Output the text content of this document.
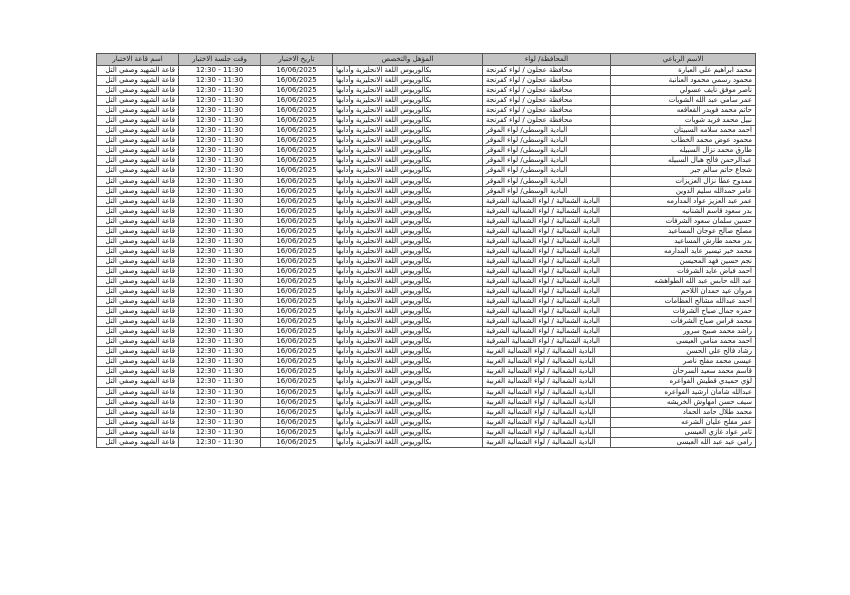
الاسم الرباعي	المحافظة/ لواء	المؤهل والتخصص	تاريخ الاختبار	وقت جلسة الاختبار	اسم قاعة الاختبار
محمد ابراهيم علي العبارة	محافظة عجلون / لواء كفرنجة	بكالوريوس اللغة الانجليزية وآدابها	16/06/2025	11:30 - 12:30	قاعة الشهيد وصفي التل
محمود رسمي محمود العنانبة	محافظة عجلون / لواء كفرنجة	بكالوريوس اللغة الانجليزية وآدابها	16/06/2025	11:30 - 12:30	قاعة الشهيد وصفي التل
ناصر موفق نايف عسولي	محافظة عجلون / لواء كفرنجة	بكالوريوس اللغة الانجليزية وآدابها	16/06/2025	11:30 - 12:30	قاعة الشهيد وصفي التل
عمر سامي عبد الله الشويات	محافظة عجلون / لواء كفرنجة	بكالوريوس اللغة الانجليزية وآدابها	16/06/2025	11:30 - 12:30	قاعة الشهيد وصفي التل
حاتم محمد فويدر القعاقعه	محافظة عجلون / لواء كفرنجة	بكالوريوس اللغة الانجليزية وآدابها	16/06/2025	11:30 - 12:30	قاعة الشهيد وصفي التل
نبيل محمد فريد شويات	محافظة عجلون / لواء كفرنجة	بكالوريوس اللغة الانجليزية وآدابها	16/06/2025	11:30 - 12:30	قاعة الشهيد وصفي التل
احمد محمد سلامه السبيتان	البادية الوسطى/ لواء الموقر	بكالوريوس اللغة الانجليزية وآدابها	16/06/2025	11:30 - 12:30	قاعة الشهيد وصفي التل
محمود عوض محمد الخطاب	البادية الوسطى/ لواء الموقر	بكالوريوس اللغة الانجليزية وآدابها	16/06/2025	11:30 - 12:30	قاعة الشهيد وصفي التل
طارق محمد نزال السبيله	البادية الوسطى/ لواء الموقر	بكالوريوس اللغة الانجليزية وآدابها	16/06/2025	11:30 - 12:30	قاعة الشهيد وصفي التل
عبدالرحمن فالح هبال السبيله	البادية الوسطى/ لواء الموقر	بكالوريوس اللغة الانجليزية وآدابها	16/06/2025	11:30 - 12:30	قاعة الشهيد وصفي التل
شجاع حاتم سالم جبر	البادية الوسطى/ لواء الموقر	بكالوريوس اللغة الانجليزية وآدابها	16/06/2025	11:30 - 12:30	قاعة الشهيد وصفي التل
ممدوح عطا نزال العزيزات	البادية الوسطى/ لواء الموقر	بكالوريوس اللغة الانجليزية وآدابها	16/06/2025	11:30 - 12:30	قاعة الشهيد وصفي التل
عامر حمدالله سليم الدوين	البادية الوسطى/ لواء الموقر	بكالوريوس اللغة الانجليزية وآدابها	16/06/2025	11:30 - 12:30	قاعة الشهيد وصفي التل
عمر عبد العزيز عواد المدارمه	البادية الشمالية / لواء الشمالية الشرقية	بكالوريوس اللغة الانجليزية وآدابها	16/06/2025	11:30 - 12:30	قاعة الشهيد وصفي التل
بدر سعود قاسم الشنانيه	البادية الشمالية / لواء الشمالية الشرقية	بكالوريوس اللغة الانجليزية وآدابها	16/06/2025	11:30 - 12:30	قاعة الشهيد وصفي التل
حسين سلمان سعود الشرفات	البادية الشمالية / لواء الشمالية الشرقية	بكالوريوس اللغة الانجليزية وآدابها	16/06/2025	11:30 - 12:30	قاعة الشهيد وصفي التل
مصلح صالح عوجان المساعيد	البادية الشمالية / لواء الشمالية الشرقية	بكالوريوس اللغة الانجليزية وآدابها	16/06/2025	11:30 - 12:30	قاعة الشهيد وصفي التل
بدر محمد طارش المساعيد	البادية الشمالية / لواء الشمالية الشرقية	بكالوريوس اللغة الانجليزية وآدابها	16/06/2025	11:30 - 12:30	قاعة الشهيد وصفي التل
محمد خير تيسير عايد المدارمه	البادية الشمالية / لواء الشمالية الشرقية	بكالوريوس اللغة الانجليزية وآدابها	16/06/2025	11:30 - 12:30	قاعة الشهيد وصفي التل
نجم حسين فهد المحيسن	البادية الشمالية / لواء الشمالية الشرقية	بكالوريوس اللغة الانجليزية وآدابها	16/06/2025	11:30 - 12:30	قاعة الشهيد وصفي التل
احمد فياض عايد الشرفات	البادية الشمالية / لواء الشمالية الشرقية	بكالوريوس اللغة الانجليزية وآدابها	16/06/2025	11:30 - 12:30	قاعة الشهيد وصفي التل
عبد الله حابس عبد الله الطواهشه	البادية الشمالية / لواء الشمالية الشرقية	بكالوريوس اللغة الانجليزية وآدابها	16/06/2025	11:30 - 12:30	قاعة الشهيد وصفي التل
مروان عيد حمدان اللاحم	البادية الشمالية / لواء الشمالية الشرقية	بكالوريوس اللغة الانجليزية وآدابها	16/06/2025	11:30 - 12:30	قاعة الشهيد وصفي التل
احمد عبدالله مشالح العظامات	البادية الشمالية / لواء الشمالية الشرقية	بكالوريوس اللغة الانجليزية وآدابها	16/06/2025	11:30 - 12:30	قاعة الشهيد وصفي التل
حمزه جمال صياح الشرفات	البادية الشمالية / لواء الشمالية الشرقية	بكالوريوس اللغة الانجليزية وآدابها	16/06/2025	11:30 - 12:30	قاعة الشهيد وصفي التل
محمد فراس صياح الشرفات	البادية الشمالية / لواء الشمالية الشرقية	بكالوريوس اللغة الانجليزية وآدابها	16/06/2025	11:30 - 12:30	قاعة الشهيد وصفي التل
راشد محمد صبيح سرور	البادية الشمالية / لواء الشمالية الشرقية	بكالوريوس اللغة الانجليزية وآدابها	16/06/2025	11:30 - 12:30	قاعة الشهيد وصفي التل
احمد محمد منامي العيسى	البادية الشمالية / لواء الشمالية الشرقية	بكالوريوس اللغة الانجليزية وآدابها	16/06/2025	11:30 - 12:30	قاعة الشهيد وصفي التل
رشاد فالح علي الحسن	البادية الشمالية / لواء الشمالية الغربية	بكالوريوس اللغة الانجليزية وآدابها	16/06/2025	11:30 - 12:30	قاعة الشهيد وصفي التل
عيسى محمد مفلح ناصر	البادية الشمالية / لواء الشمالية الغربية	بكالوريوس اللغة الانجليزية وآدابها	16/06/2025	11:30 - 12:30	قاعة الشهيد وصفي التل
قاسم محمد سعيد السرحان	البادية الشمالية / لواء الشمالية الغربية	بكالوريوس اللغة الانجليزية وآدابها	16/06/2025	11:30 - 12:30	قاعة الشهيد وصفي التل
لؤي حميدي قطيش الفواعره	البادية الشمالية / لواء الشمالية الغربية	بكالوريوس اللغة الانجليزية وآدابها	16/06/2025	11:30 - 12:30	قاعة الشهيد وصفي التل
عبدالله شامان ارشيد الفواعره	البادية الشمالية / لواء الشمالية الغربية	بكالوريوس اللغة الانجليزية وآدابها	16/06/2025	11:30 - 12:30	قاعة الشهيد وصفي التل
سيف حسن امهاوش الخريشه	البادية الشمالية / لواء الشمالية الغربية	بكالوريوس اللغة الانجليزية وآدابها	16/06/2025	11:30 - 12:30	قاعة الشهيد وصفي التل
محمد طلال حامد الحماد	البادية الشمالية / لواء الشمالية الغربية	بكالوريوس اللغة الانجليزية وآدابها	16/06/2025	11:30 - 12:30	قاعة الشهيد وصفي التل
عمر مفلح عليان الشرعه	البادية الشمالية / لواء الشمالية الغربية	بكالوريوس اللغة الانجليزية وآدابها	16/06/2025	11:30 - 12:30	قاعة الشهيد وصفي التل
ثامر عواد غازي العيسى	البادية الشمالية / لواء الشمالية الغربية	بكالوريوس اللغة الانجليزية وآدابها	16/06/2025	11:30 - 12:30	قاعة الشهيد وصفي التل
رامي عيد عبد الله العيسى	البادية الشمالية / لواء الشمالية الغربية	بكالوريوس اللغة الانجليزية وآدابها	16/06/2025	11:30 - 12:30	قاعة الشهيد وصفي التل
